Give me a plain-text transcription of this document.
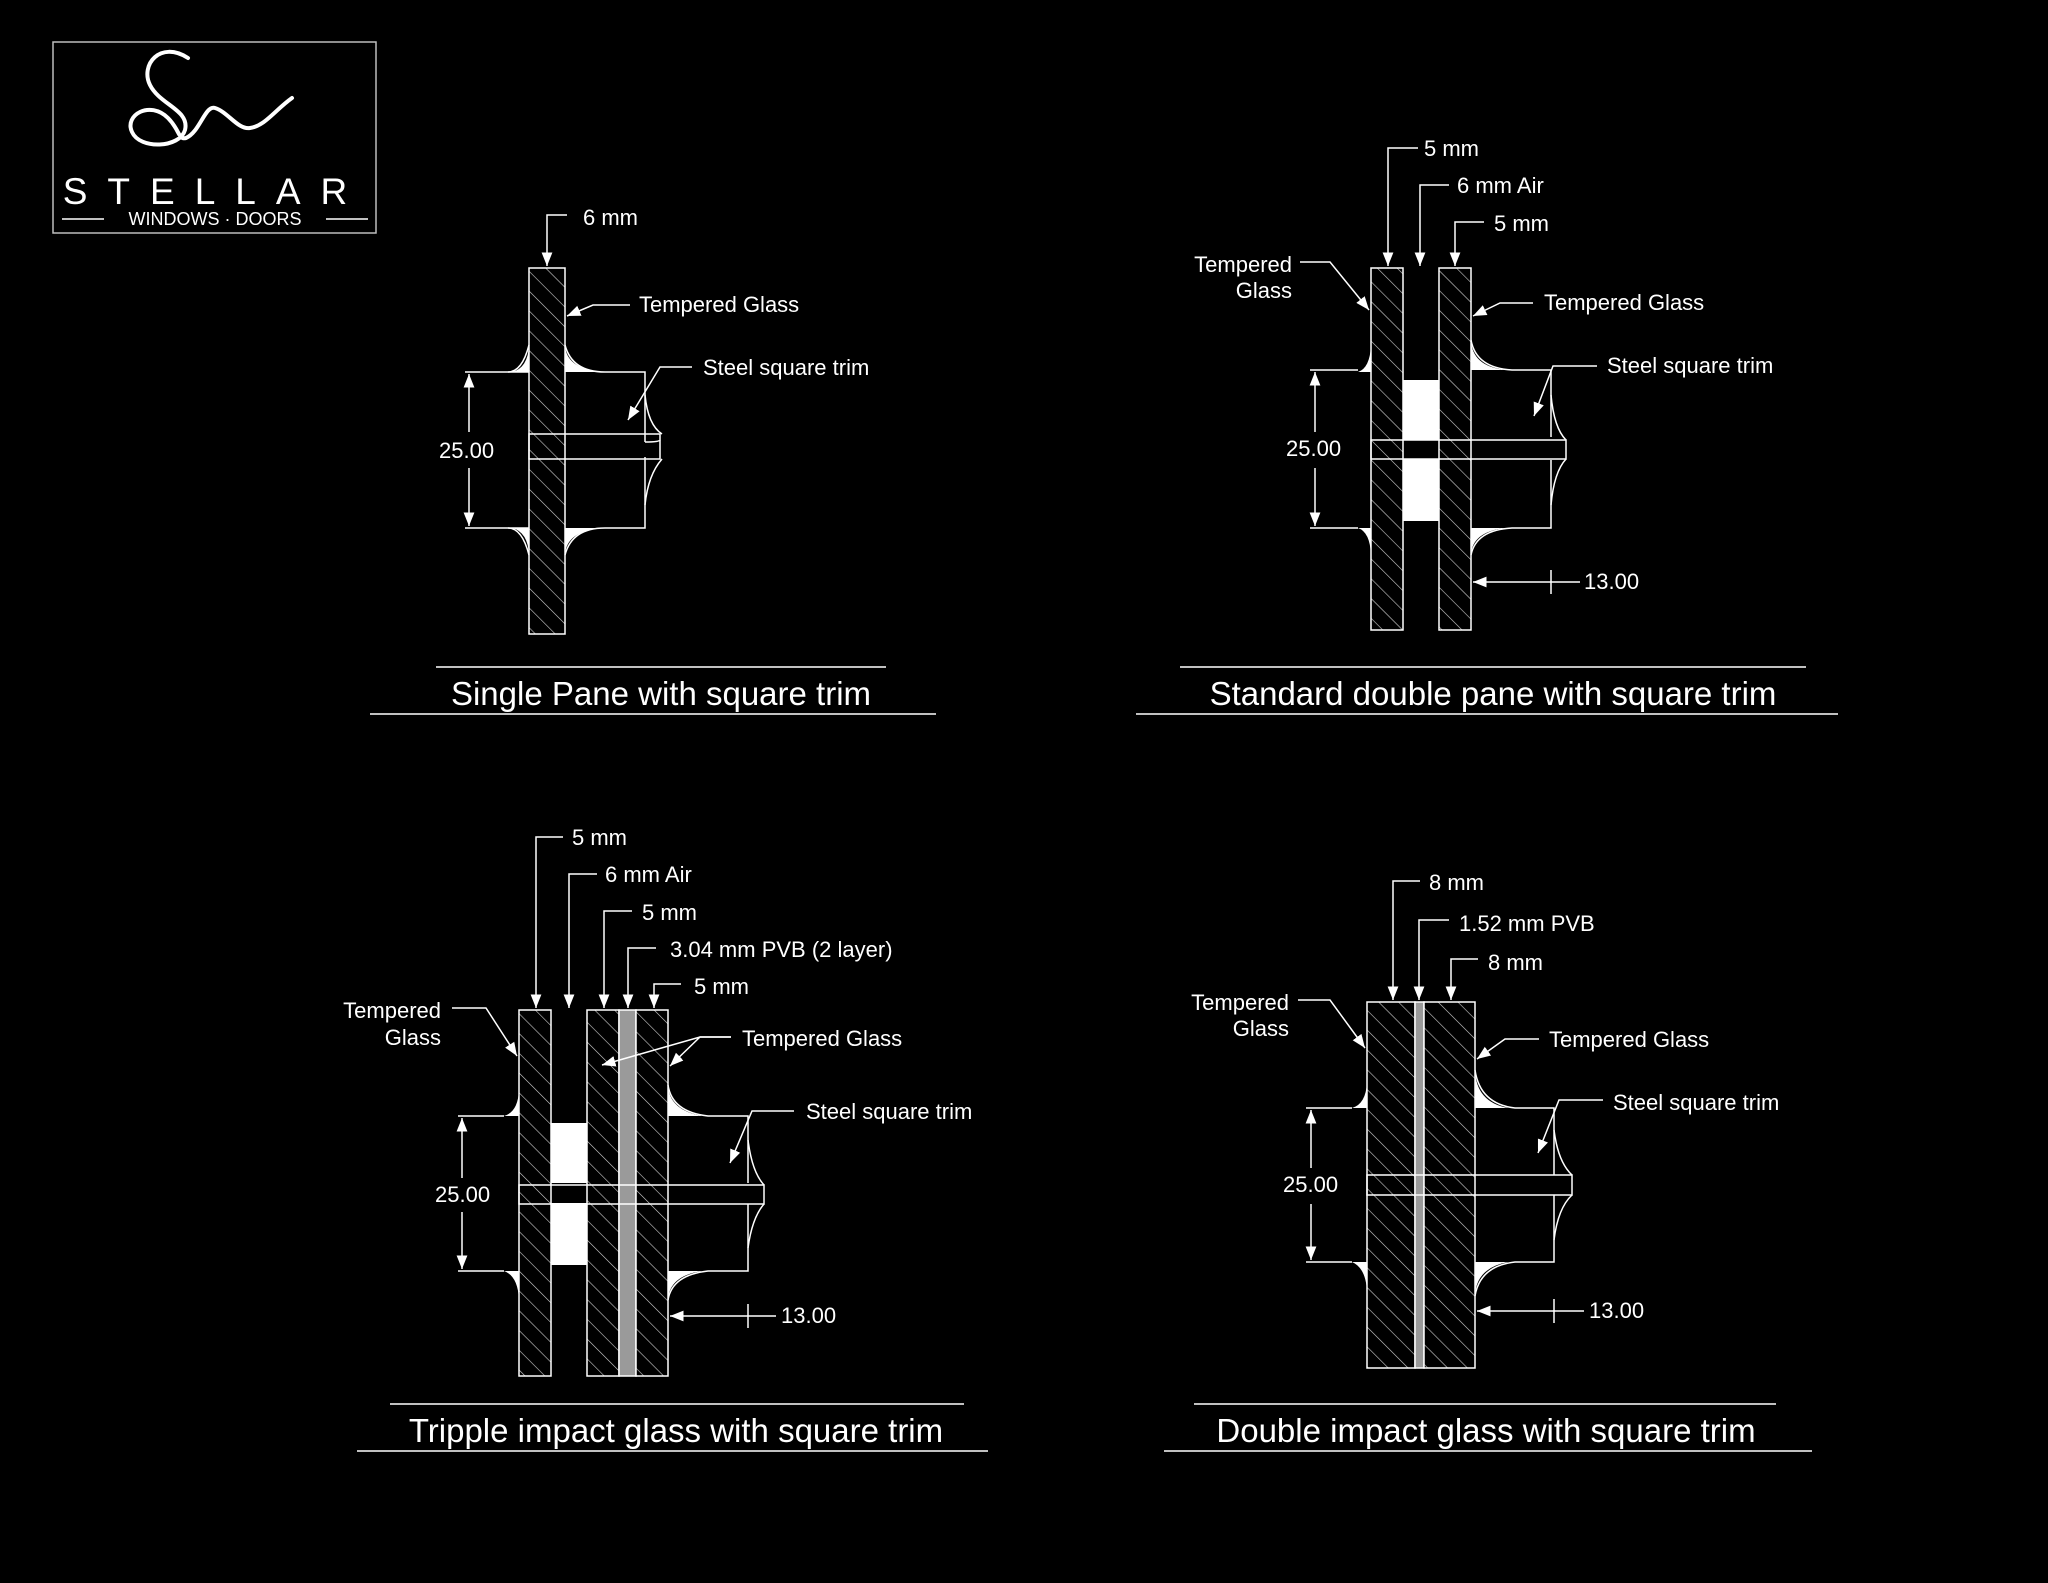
STELLAR
WINDOWS · DOORS
25.00
6 mm
Tempered Glass
Steel square trim
Single Pane with square trim
25.00
13.00
5 mm
6 mm Air
5 mm
Tempered
Glass	Tempered Glass
Steel square trim
Standard double pane with square trim
25.00
13.00
5 mm
6 mm Air
5 mm
3.04 mm PVB (2 layer)
5 mm
Tempered
Glass	Tempered Glass
Steel square trim
Tripple impact glass with square trim
25.00
13.00
8 mm
1.52 mm PVB
8 mm
Tempered
Glass	Tempered Glass
Steel square trim
Double impact glass with square trim
